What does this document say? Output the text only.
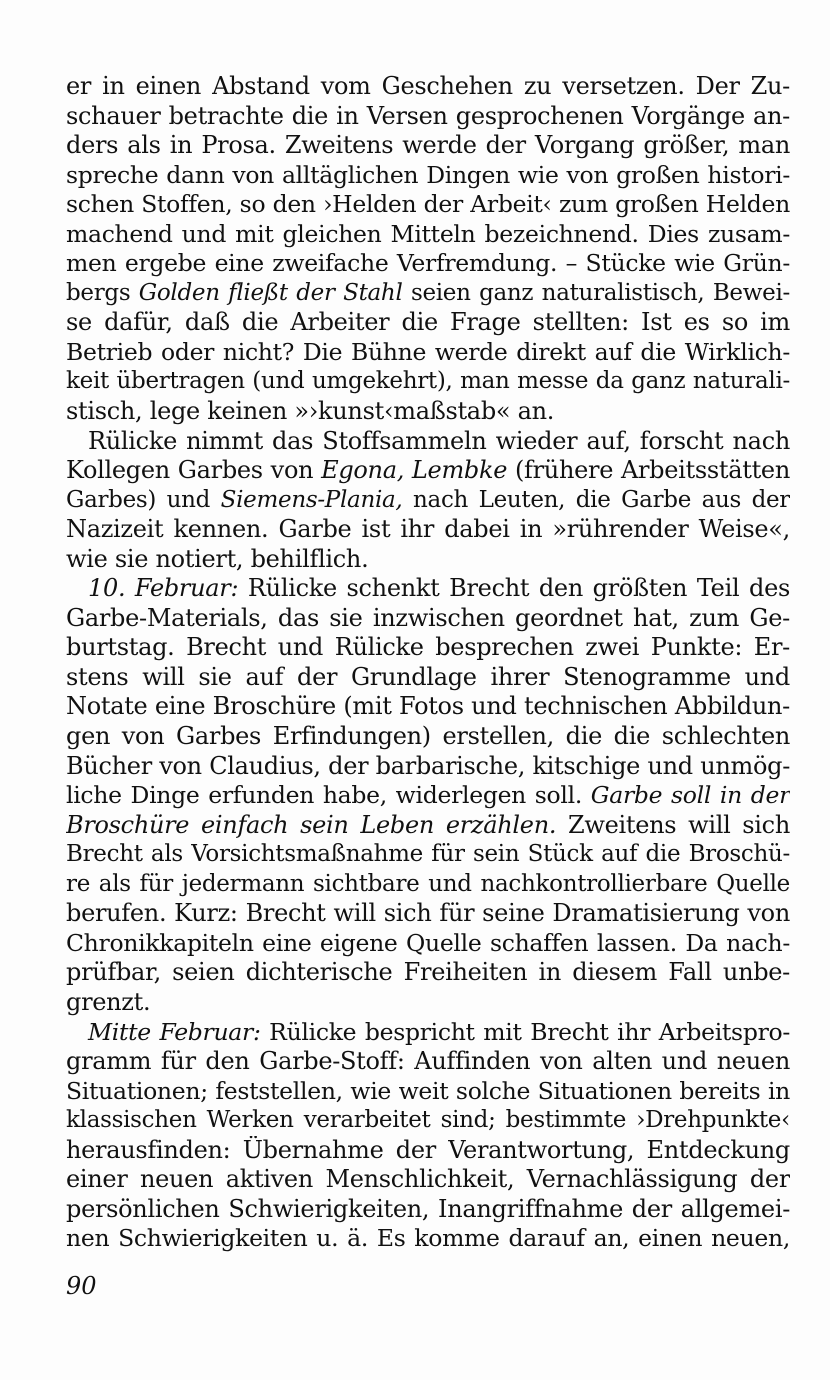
er in einen Abstand vom Geschehen zu versetzen. Der Zu-
schauer betrachte die in Versen gesprochenen Vorgänge an-
ders als in Prosa. Zweitens werde der Vorgang größer, man
spreche dann von alltäglichen Dingen wie von großen histori-
schen Stoffen, so den ›Helden der Arbeit‹ zum großen Helden
machend und mit gleichen Mitteln bezeichnend. Dies zusam-
men ergebe eine zweifache Verfremdung. – Stücke wie Grün-
bergs Golden fließt der Stahl seien ganz naturalistisch, Bewei-
se dafür, daß die Arbeiter die Frage stellten: Ist es so im
Betrieb oder nicht? Die Bühne werde direkt auf die Wirklich-
keit übertragen (und umgekehrt), man messe da ganz naturali-
stisch, lege keinen »›kunst‹maßstab« an.
Rülicke nimmt das Stoffsammeln wieder auf, forscht nach
Kollegen Garbes von Egona, Lembke (frühere Arbeitsstätten
Garbes) und Siemens-Plania, nach Leuten, die Garbe aus der
Nazizeit kennen. Garbe ist ihr dabei in »rührender Weise«,
wie sie notiert, behilflich.
10. Februar: Rülicke schenkt Brecht den größten Teil des
Garbe-Materials, das sie inzwischen geordnet hat, zum Ge-
burtstag. Brecht und Rülicke besprechen zwei Punkte: Er-
stens will sie auf der Grundlage ihrer Stenogramme und
Notate eine Broschüre (mit Fotos und technischen Abbildun-
gen von Garbes Erfindungen) erstellen, die die schlechten
Bücher von Claudius, der barbarische, kitschige und unmög-
liche Dinge erfunden habe, widerlegen soll. Garbe soll in der
Broschüre einfach sein Leben erzählen. Zweitens will sich
Brecht als Vorsichtsmaßnahme für sein Stück auf die Broschü-
re als für jedermann sichtbare und nachkontrollierbare Quelle
berufen. Kurz: Brecht will sich für seine Dramatisierung von
Chronikkapiteln eine eigene Quelle schaffen lassen. Da nach-
prüfbar, seien dichterische Freiheiten in diesem Fall unbe-
grenzt.
Mitte Februar: Rülicke bespricht mit Brecht ihr Arbeitspro-
gramm für den Garbe-Stoff: Auffinden von alten und neuen
Situationen; feststellen, wie weit solche Situationen bereits in
klassischen Werken verarbeitet sind; bestimmte ›Drehpunkte‹
herausfinden: Übernahme der Verantwortung, Entdeckung
einer neuen aktiven Menschlichkeit, Vernachlässigung der
persönlichen Schwierigkeiten, Inangriffnahme der allgemei-
nen Schwierigkeiten u. ä. Es komme darauf an, einen neuen,
90
